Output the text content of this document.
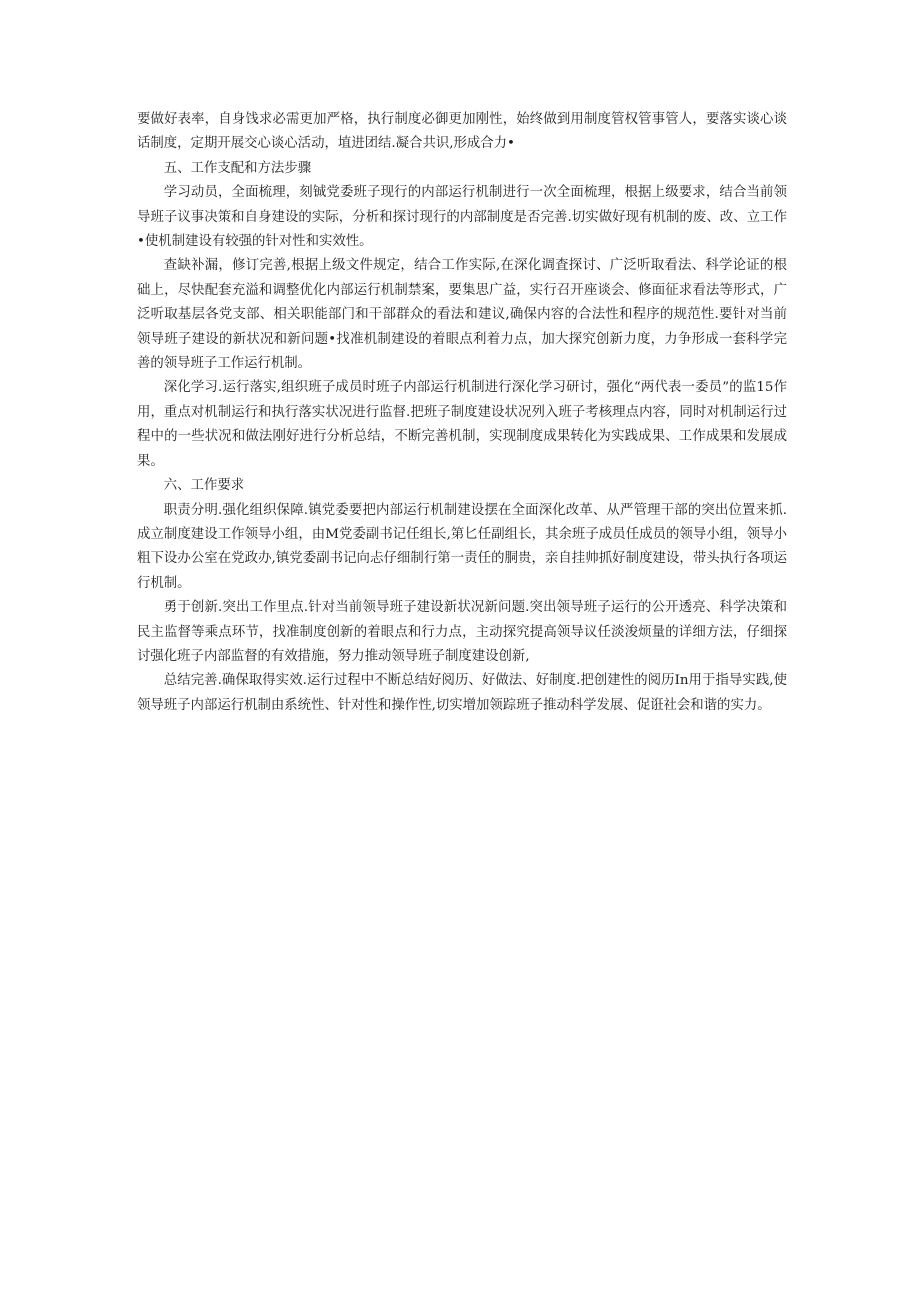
要做好表率，自身饯求必需更加严格，执行制度必御更加刚性，始终做到用制度管权管事管人，要落实谈心谈话制度，定期开展交心谈心活动，埴进团结.凝合共识,形成合力•

五、工作支配和方法步骤

学习动员，全面梳理，刻铖党委班子现行的内部运行机制进行一次全面梳理，根据上级要求，结合当前领导班子议事决策和自身建设的实际，分析和探讨现行的内部制度是否完善.切实做好现有机制的废、改、立工作•使机制建设有较强的针对性和实效性。

查缺补漏，修订完善,根据上级文件规定，结合工作实际,在深化调査探讨、广泛听取看法、科学论证的根础上，尽快配套充溢和调整优化内部运行机制禁案，要集思广益，实行召开座谈会、修面征求看法等形式，广泛听取基层各党支部、相关职能部门和干部群众的看法和建议,确保内容的合法性和程序的规范性.要针对当前领导班子建设的新状况和新问题•找准机制建设的着眼点利着力点，加大探究创新力度，力争形成一套科学完善的领导班子工作运行机制。

深化学习.运行落实,组织班子成员时班子内部运行机制进行深化学习研讨，强化“两代表一委员”的监15作用，重点对机制运行和执行落实状况进行监督.把班子制度建设状况列入班子考核理点内容，同时对机制运行过程中的一些状况和做法刚好进行分析总结，不断完善机制，实现制度成果转化为实践成果、工作成果和发展成果。

六、工作要求

职责分明.强化组织保障.镇党委要把内部运行机制建设摆在全面深化改革、从严管理干部的突出位置来抓.成立制度建设工作领导小组，由M党委副书记任组长,第匕任副组长，其余班子成员任成员的领导小组，领导小粗下设办公室在党政办,镇党委副书记向忐仔细制行第一责任的胴贵，亲自挂帅抓好制度建设，带头执行各项运行机制。

勇于创新.突出工作里点.针对当前领导班子建设新状况新问题.突出领导班子运行的公开透亮、科学决策和民主监督等乘点环节，找准制度创新的着眼点和行力点，主动探究提高领导议任淡浚烦量的详细方法，仔细探讨强化班子内部监督的有效措施，努力推动领导班子制度建设创新,

总结完善.确保取得实效.运行过程中不断总结好阅历、好做法、好制度.把创建性的阅历In用于指导实践,使领导班子内部运行机制由系统性、针对性和操作性,切实增加领踪班子推动科学发展、促诳社会和谐的实力。
